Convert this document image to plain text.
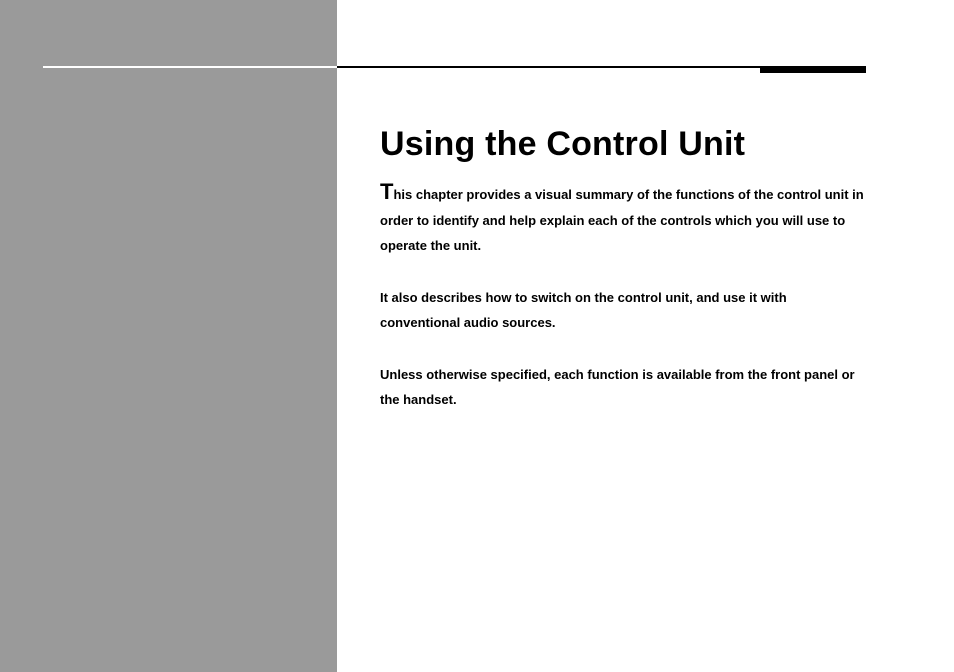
Using the Control Unit

This chapter provides a visual summary of the functions of the control unit in order to identify and help explain each of the controls which you will use to operate the unit.

It also describes how to switch on the control unit, and use it with conventional audio sources.

Unless otherwise specified, each function is available from the front panel or the handset.
